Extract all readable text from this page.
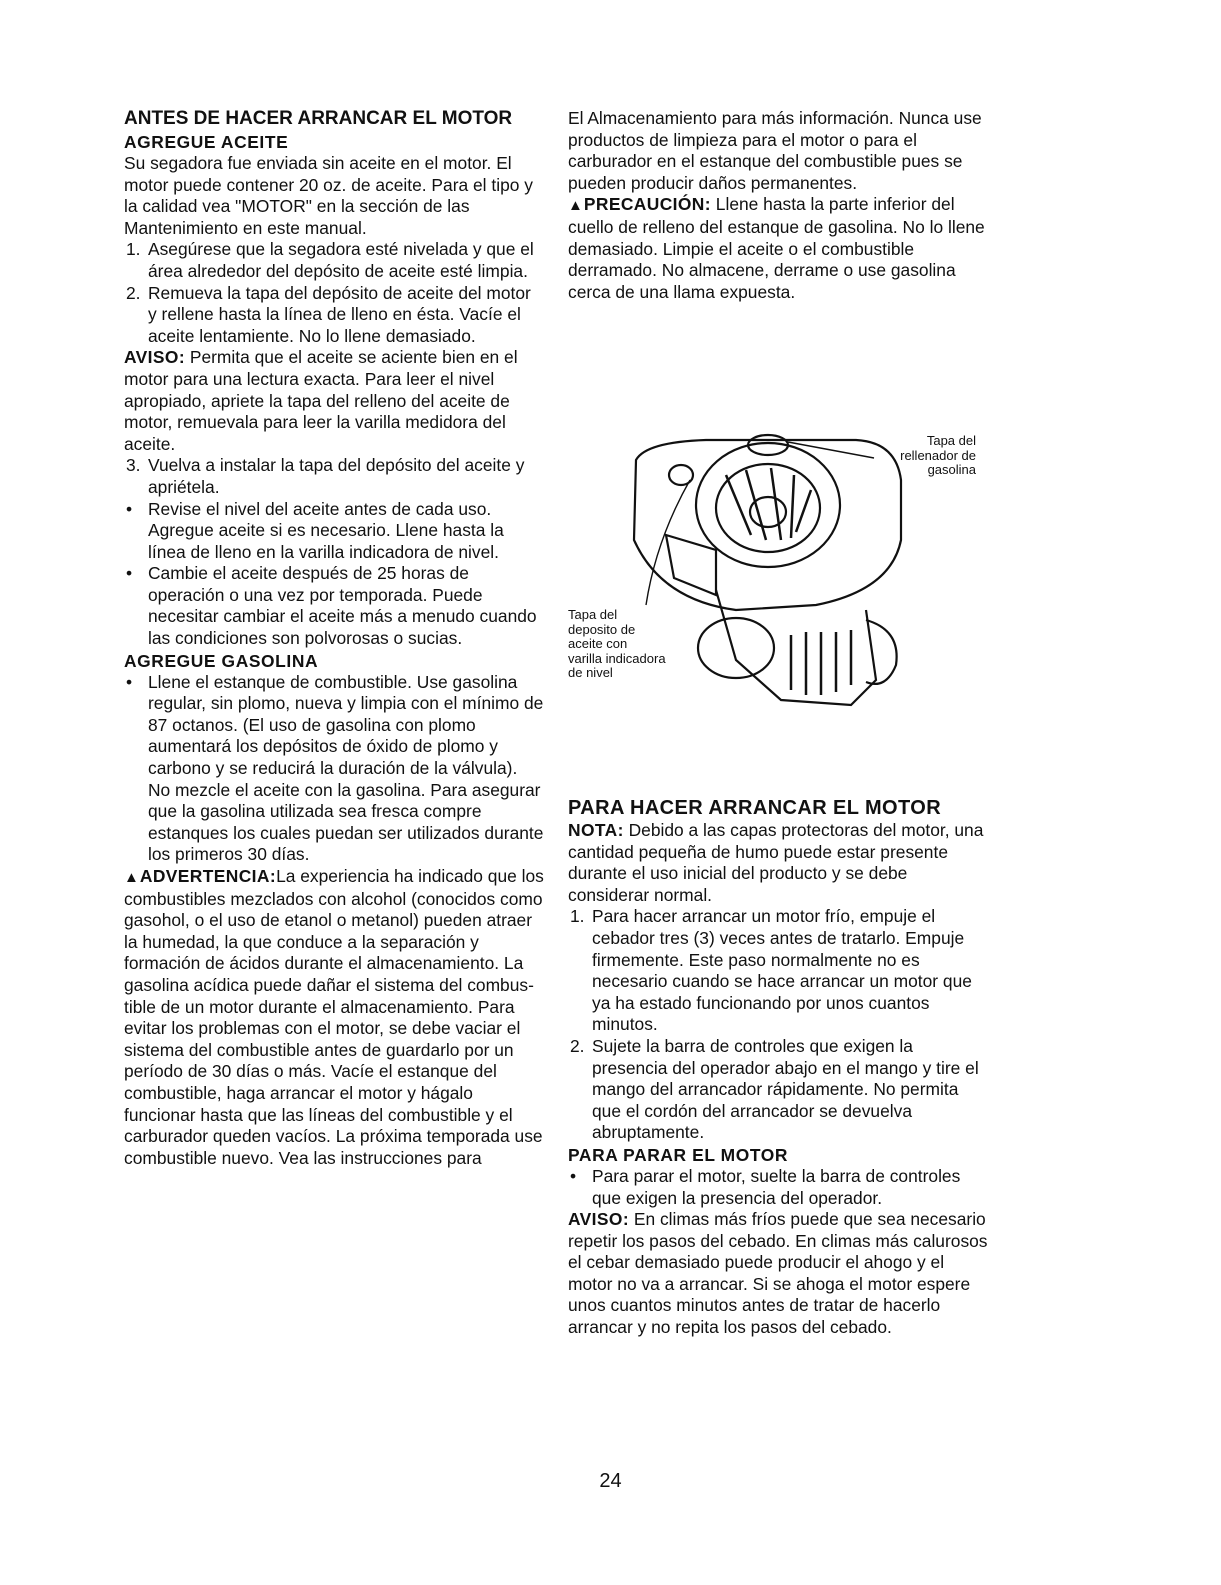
ANTES DE HACER ARRANCAR EL MOTOR
AGREGUE ACEITE

Su segadora fue enviada sin aceite en el motor. El motor puede contener 20 oz. de aceite. Para el tipo y la calidad vea "MOTOR" en la sección de las Mantenimiento en este manual.

1. Asegúrese que la segadora esté nivelada y que el área alrededor del depósito de aceite esté limpia.
2. Remueva la tapa del depósito de aceite del motor y rellene hasta la línea de lleno en ésta. Vacíe el aceite lentamiente. No lo llene demasiado.

AVISO: Permita que el aceite se aciente bien en el motor para una lectura exacta. Para leer el nivel apropiado, apriete la tapa del relleno del aceite de motor, remuevala para leer la varilla medidora del aceite.

3. Vuelva a instalar la tapa del depósito del aceite y apriétela.
• Revise el nivel del aceite antes de cada uso. Agregue aceite si es necesario. Llene hasta la línea de lleno en la varilla indicadora de nivel.
• Cambie el aceite después de 25 horas de operación o una vez por temporada. Puede necesitar cambiar el aceite más a menudo cuando las condiciones son polvorosas o sucias.
AGREGUE GASOLINA
• Llene el estanque de combustible. Use gasolina regular, sin plomo, nueva y limpia con el mínimo de 87 octanos. (El uso de gasolina con plomo aumentará los depósitos de óxido de plomo y carbono y se reducirá la duración de la válvula). No mezcle el aceite con la gasolina. Para asegurar que la gasolina utilizada sea fresca compre estanques los cuales puedan ser utilizados durante los primeros 30 días.

▲ADVERTENCIA:La experiencia ha indicado que los combustibles mezclados con alcohol (conocidos como gasohol, o el uso de etanol o metanol) pueden atraer la humedad, la que conduce a la separación y formación de ácidos durante el almacenamiento. La gasolina acídica puede dañar el sistema del combus-tible de un motor durante el almacenamiento. Para evitar los problemas con el motor, se debe vaciar el sistema del combustible antes de guardarlo por un período de 30 días o más. Vacíe el estanque del combustible, haga arrancar el motor y hágalo funcionar hasta que las líneas del combustible y el carburador queden vacíos. La próxima temporada use combustible nuevo. Vea las instrucciones para

El Almacenamiento para más información. Nunca use productos de limpieza para el motor o para el carburador en el estanque del combustible pues se pueden producir daños permanentes.

▲PRECAUCIÓN: Llene hasta la parte inferior del cuello de relleno del estanque de gasolina. No lo llene demasiado. Limpie el aceite o el combustible derramado. No almacene, derrame o use gasolina cerca de una llama expuesta.

Tapa del
rellenador de
gasolina
Tapa del
deposito de
aceite con
varilla indicadora
de nivel
PARA HACER ARRANCAR EL MOTOR

NOTA: Debido a las capas protectoras del motor, una cantidad pequeña de humo puede estar presente durante el uso inicial del producto y se debe considerar normal.

1. Para hacer arrancar un motor frío, empuje el cebador tres (3) veces antes de tratarlo. Empuje firmemente. Este paso normalmente no es necesario cuando se hace arrancar un motor que ya ha estado funcionando por unos cuantos minutos.
2. Sujete la barra de controles que exigen la presencia del operador abajo en el mango y tire el mango del arrancador rápidamente. No permita que el cordón del arrancador se devuelva abruptamente.
PARA PARAR EL MOTOR
• Para parar el motor, suelte la barra de controles que exigen la presencia del operador.

AVISO: En climas más fríos puede que sea necesario repetir los pasos del cebado. En climas más calurosos el cebar demasiado puede producir el ahogo y el motor no va a arrancar. Si se ahoga el motor espere unos cuantos minutos antes de tratar de hacerlo arrancar y no repita los pasos del cebado.

24
